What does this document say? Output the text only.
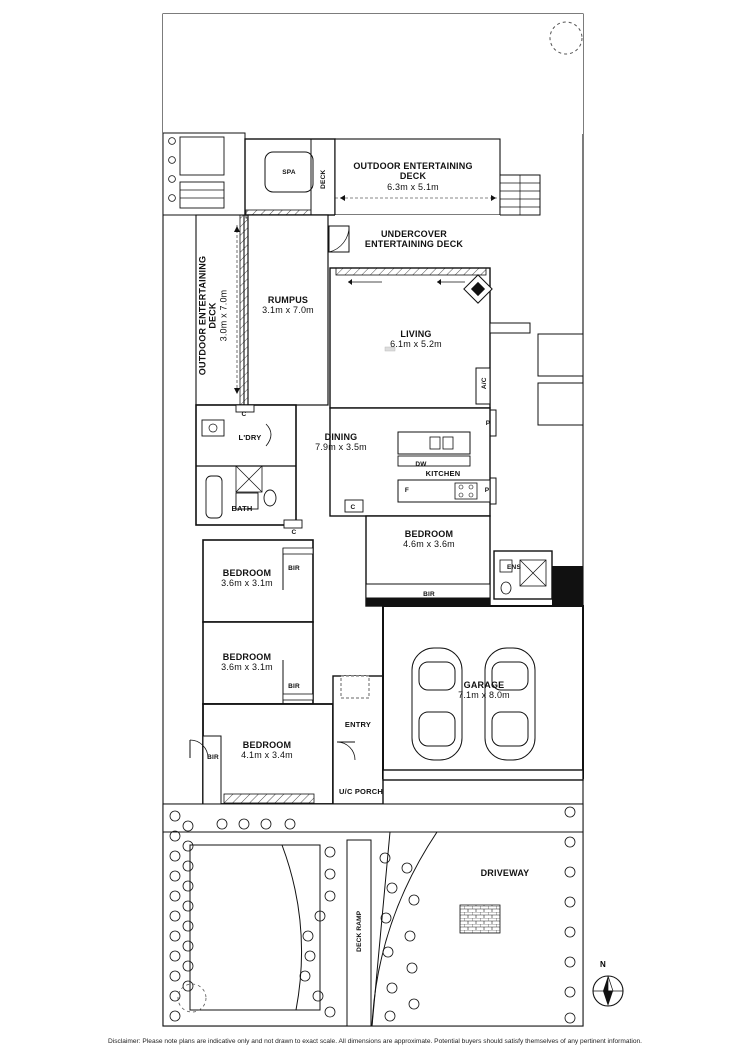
SPA	DECK
OUTDOOR ENTERTAINING DECK
6.3m x 5.1m
UNDERCOVER ENTERTAINING DECK
OUTDOOR ENTERTAINING DECK 3.0m x 7.0m	RUMPUS
3.1m x 7.0m
LIVING
6.1m x 5.2m
A/C
P
L'DRY
C
DINING
7.9m x 3.5m
DW
KITCHEN
F	P
BATH
C
C
BEDROOM
4.6m x 3.6m
ENS
BEDROOM
3.6m x 3.1m
BIR
BIR
BEDROOM
3.6m x 3.1m
BIR	GARAGE
7.1m x 8.0m
BEDROOM
4.1m x 3.4m
BIR
ENTRY
U/C PORCH
DRIVEWAY
DECK RAMP
N
Disclaimer: Please note plans are indicative only and not drawn to exact scale. All dimensions are approximate. Potential buyers should satisfy themselves of any pertinent information.
